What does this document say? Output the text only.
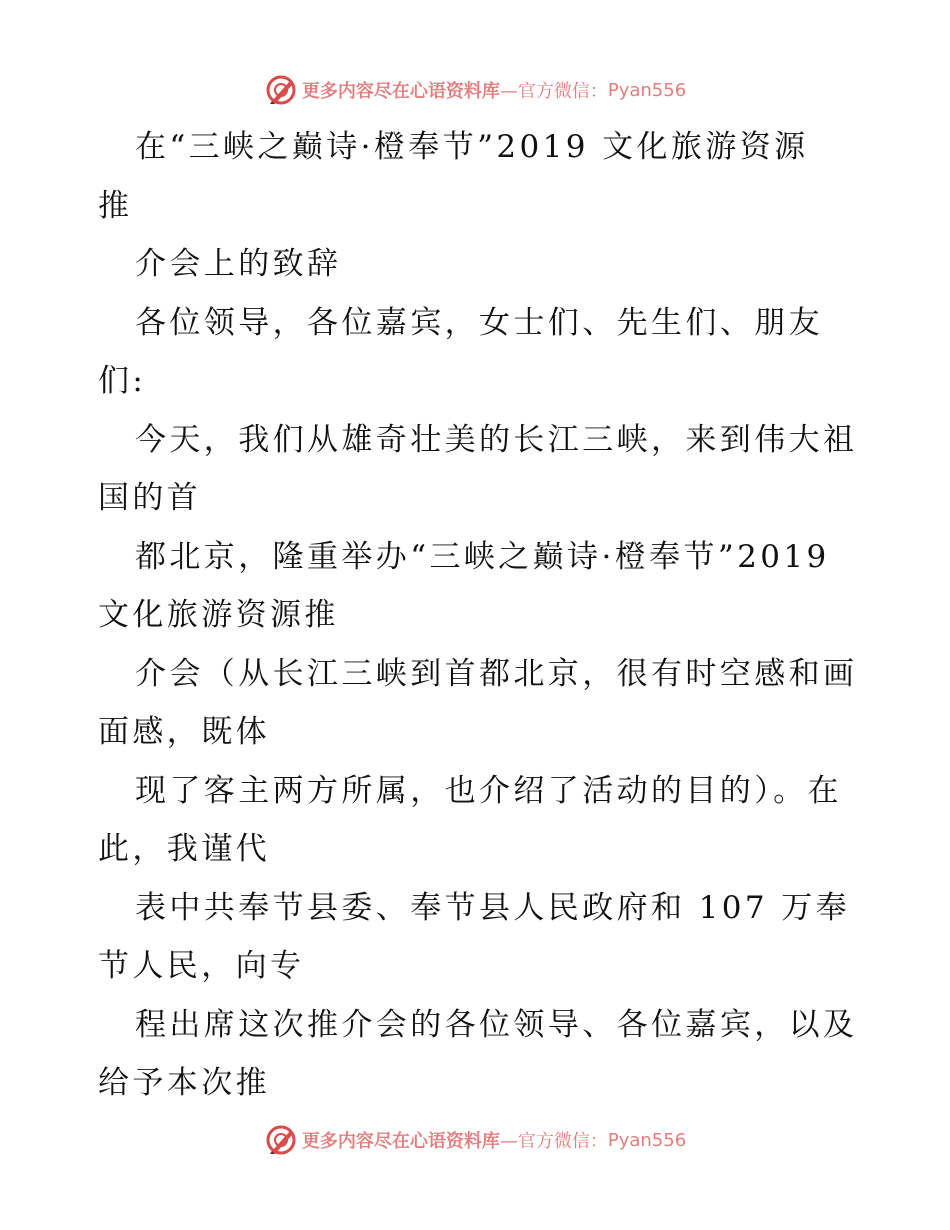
更多内容尽在心语资料库 —官方微信： Pyan556
在“三峡之巅诗·橙奉节”2019 文化旅游资源
推
介会上的致辞
各位领导，各位嘉宾，女士们、先生们、朋友
们:
今天，我们从雄奇壮美的长江三峡，来到伟大祖
国的首
都北京，隆重举办“三峡之巅诗·橙奉节”2019
文化旅游资源推
介会（从长江三峡到首都北京，很有时空感和画
面感，既体
现了客主两方所属，也介绍了活动的目的）。在
此，我谨代
表中共奉节县委、奉节县人民政府和 107 万奉
节人民，向专
程出席这次推介会的各位领导、各位嘉宾，以及
给予本次推
更多内容尽在心语资料库 —官方微信： Pyan556
